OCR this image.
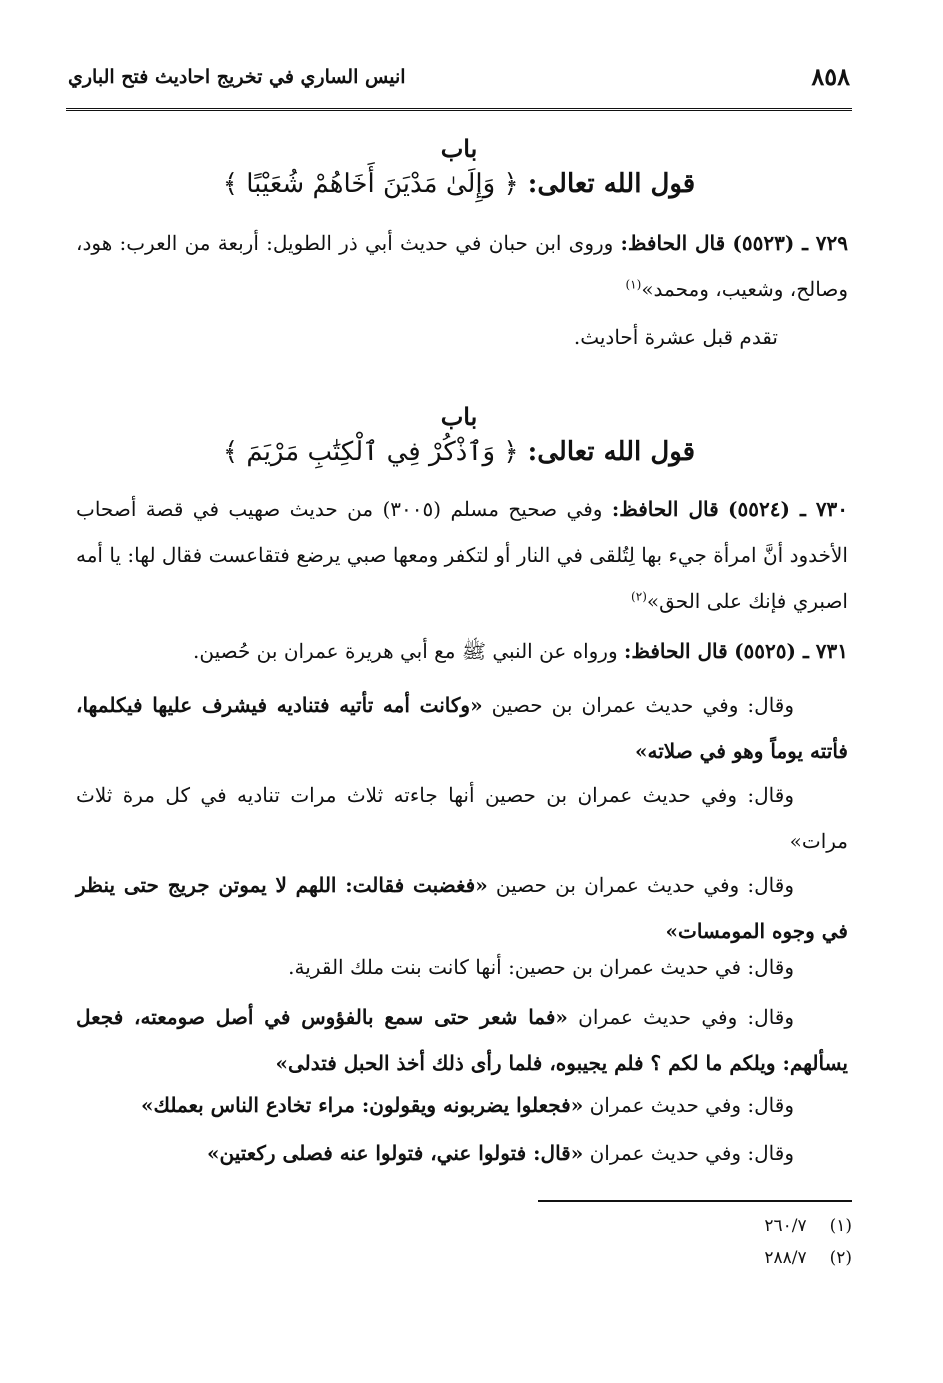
٨٥٨
انيس الساري في تخريج احاديث فتح الباري
باب
قول الله تعالى: ﴿ وَإِلَىٰ مَدْيَنَ أَخَاهُمْ شُعَيْبًا ﴾
٧٢٩ ـ (٥٥٢٣) قال الحافظ: وروى ابن حبان في حديث أبي ذر الطويل: أربعة من العرب: هود، وصالح، وشعيب، ومحمد»$^{(١)}$
تقدم قبل عشرة أحاديث.
باب
قول الله تعالى: ﴿ وَٱذْكُرْ فِي ٱلْكِتَٰبِ مَرْيَمَ ﴾
٧٣٠ ـ (٥٥٢٤) قال الحافظ: وفي صحيح مسلم (٣٠٠٥) من حديث صهيب في قصة أصحاب الأخدود أنَّ امرأة جيء بها لِتُلقى في النار أو لتكفر ومعها صبي يرضع فتقاعست فقال لها: يا أمه اصبري فإنك على الحق»$^{(٢)}$
٧٣١ ـ (٥٥٢٥) قال الحافظ: ورواه عن النبي ﷺ مع أبي هريرة عمران بن حُصين.
وقال: وفي حديث عمران بن حصين «وكانت أمه تأتيه فتناديه فيشرف عليها فيكلمها، فأتته يوماً وهو في صلاته»
وقال: وفي حديث عمران بن حصين أنها جاءته ثلاث مرات تناديه في كل مرة ثلاث مرات»
وقال: وفي حديث عمران بن حصين «فغضبت فقالت: اللهم لا يموتن جريج حتى ينظر في وجوه المومسات»
وقال: في حديث عمران بن حصين: أنها كانت بنت ملك القرية.
وقال: وفي حديث عمران «فما شعر حتى سمع بالفؤوس في أصل صومعته، فجعل يسألهم: ويلكم ما لكم ؟ فلم يجيبوه، فلما رأى ذلك أخذ الحبل فتدلى»
وقال: وفي حديث عمران «فجعلوا يضربونه ويقولون: مراء تخادع الناس بعملك»
وقال: وفي حديث عمران «قال: فتولوا عني، فتولوا عنه فصلى ركعتين»
(١) ٢٦٠/٧
(٢) ٢٨٨/٧
